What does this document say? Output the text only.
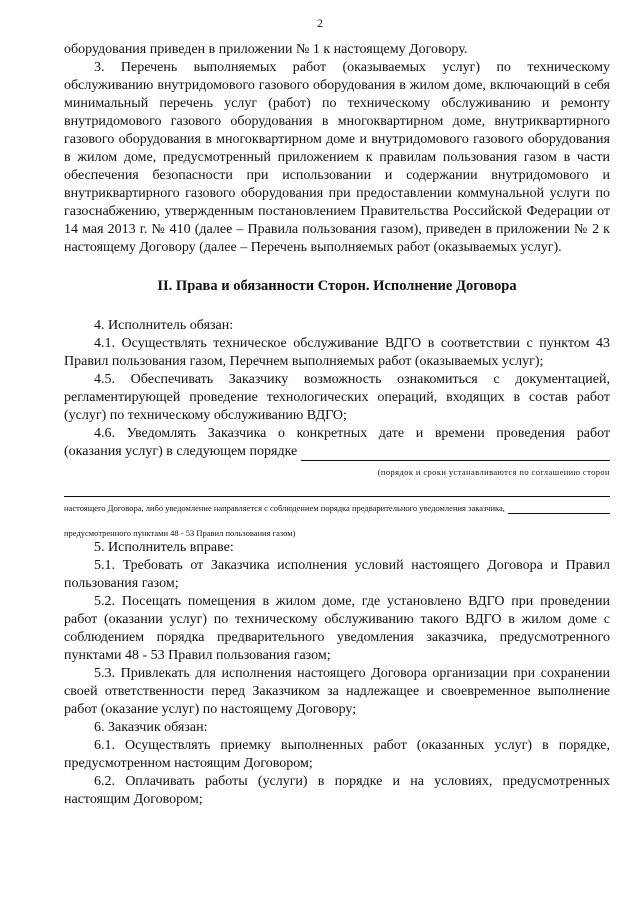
2

оборудования приведен в приложении № 1 к настоящему Договору.

3. Перечень выполняемых работ (оказываемых услуг) по техническому обслуживанию внутридомового газового оборудования в жилом доме, включающий в себя минимальный перечень услуг (работ) по техническому обслуживанию и ремонту внутридомового газового оборудования в многоквартирном доме, внутриквартирного газового оборудования в многоквартирном доме и внутридомового газового оборудования в жилом доме, предусмотренный приложением к правилам пользования газом в части обеспечения безопасности при использовании и содержании внутридомового и внутриквартирного газового оборудования при предоставлении коммунальной услуги по газоснабжению, утвержденным постановлением Правительства Российской Федерации от 14 мая 2013 г. № 410 (далее – Правила пользования газом), приведен в приложении № 2 к настоящему Договору (далее – Перечень выполняемых работ (оказываемых услуг).

II. Права и обязанности Сторон. Исполнение Договора

4. Исполнитель обязан:

4.1. Осуществлять техническое обслуживание ВДГО в соответствии с пунктом 43 Правил пользования газом, Перечнем выполняемых работ (оказываемых услуг);

4.5. Обеспечивать Заказчику возможность ознакомиться с документацией, регламентирующей проведение технологических операций, входящих в состав работ (услуг) по техническому обслуживанию ВДГО;

4.6. Уведомлять Заказчика о конкретных дате и времени проведения работ

(оказания услуг) в следующем порядке
(порядок и сроки устанавливаются по соглашению сторон
настоящего Договора, либо уведомление направляется с соблюдением порядка предварительного уведомления заказчика,
предусмотренного пунктами 48 - 53 Правил пользования газом)

5. Исполнитель вправе:

5.1. Требовать от Заказчика исполнения условий настоящего Договора и Правил пользования газом;

5.2. Посещать помещения в жилом доме, где установлено ВДГО при проведении работ (оказании услуг) по техническому обслуживанию такого ВДГО в жилом доме с соблюдением порядка предварительного уведомления заказчика, предусмотренного пунктами 48 - 53 Правил пользования газом;

5.3. Привлекать для исполнения настоящего Договора организации при сохранении своей ответственности перед Заказчиком за надлежащее и своевременное выполнение работ (оказание услуг) по настоящему Договору;

6. Заказчик обязан:

6.1. Осуществлять приемку выполненных работ (оказанных услуг) в порядке, предусмотренном настоящим Договором;

6.2. Оплачивать работы (услуги) в порядке и на условиях, предусмотренных настоящим Договором;
